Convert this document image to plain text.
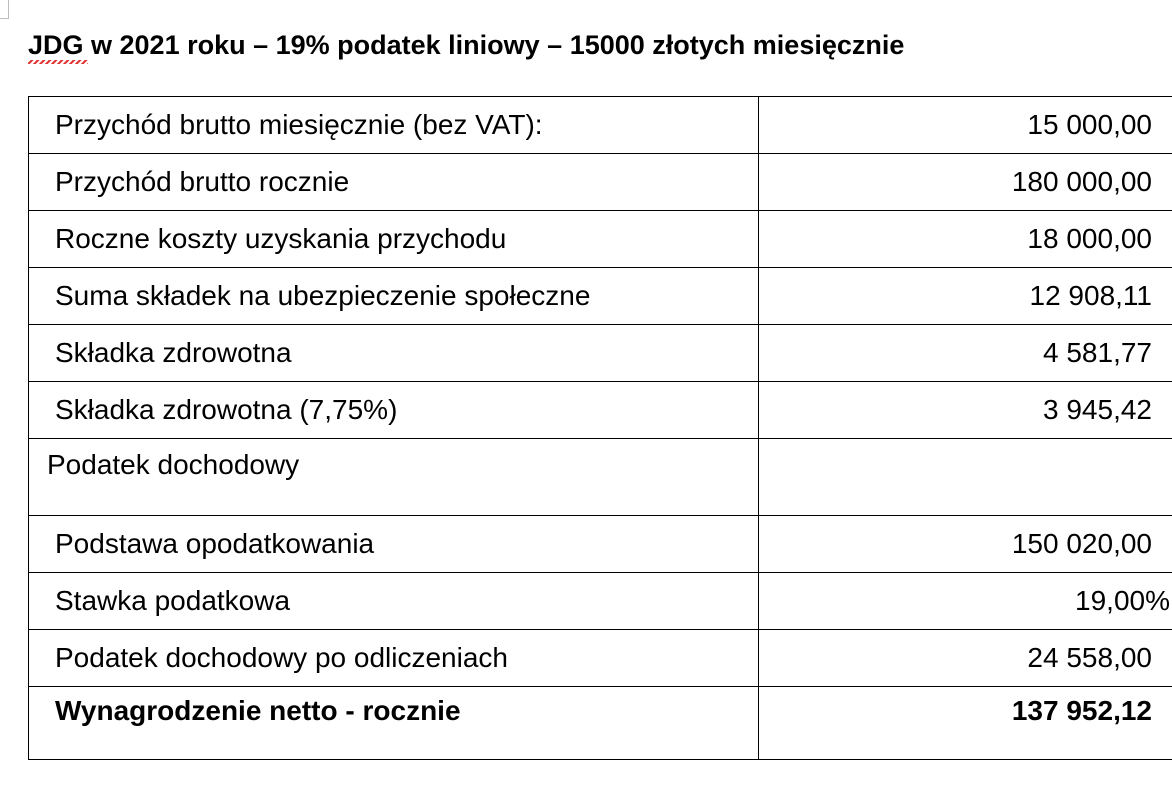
JDG w 2021 roku – 19% podatek liniowy – 15000 złotych miesięcznie
Przychód brutto miesięcznie (bez VAT):	15 000,00
Przychód brutto rocznie	180 000,00
Roczne koszty uzyskania przychodu	18 000,00
Suma składek na ubezpieczenie społeczne	12 908,11
Składka zdrowotna	4 581,77
Składka zdrowotna (7,75%)	3 945,42
Podatek dochodowy	
Podstawa opodatkowania	150 020,00
Stawka podatkowa	19,00%
Podatek dochodowy po odliczeniach	24 558,00
Wynagrodzenie netto - rocznie	137 952,12
